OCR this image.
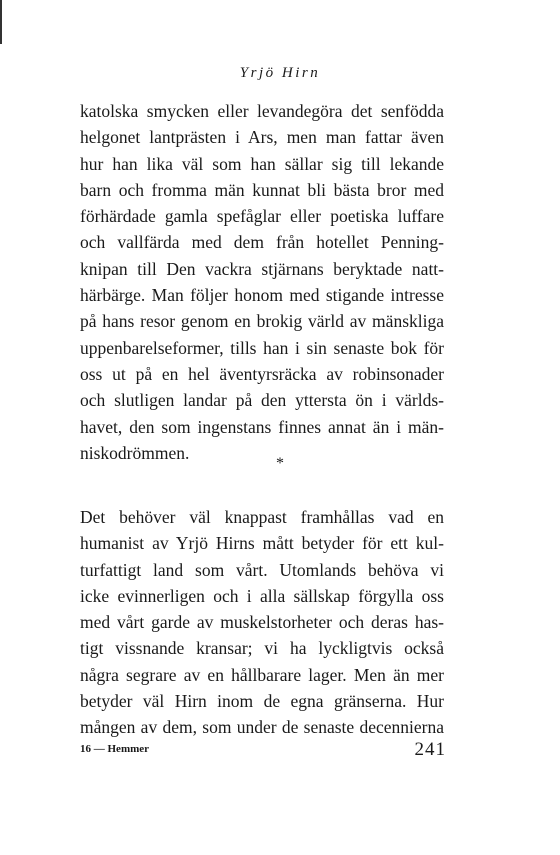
Yrjö Hirn
katolska smycken eller levandegöra det senfödda
helgonet lantprästen i Ars, men man fattar även
hur han lika väl som han sällar sig till lekande
barn och fromma män kunnat bli bästa bror med
förhärdade gamla spefåglar eller poetiska luffare
och vallfärda med dem från hotellet Penning-
knipan till Den vackra stjärnans beryktade natt-
härbärge. Man följer honom med stigande intresse
på hans resor genom en brokig värld av mänskliga
uppenbarelseformer, tills han i sin senaste bok för
oss ut på en hel äventyrsräcka av robinsonader
och slutligen landar på den yttersta ön i världs-
havet, den som ingenstans finnes annat än i män-
niskodrömmen.
*
Det behöver väl knappast framhållas vad en
humanist av Yrjö Hirns mått betyder för ett kul-
turfattigt land som vårt. Utomlands behöva vi
icke evinnerligen och i alla sällskap förgylla oss
med vårt garde av muskelstorheter och deras has-
tigt vissnande kransar; vi ha lyckligtvis också
några segrare av en hållbarare lager. Men än mer
betyder väl Hirn inom de egna gränserna. Hur
mången av dem, som under de senaste decennierna
16 — Hemmer	241
